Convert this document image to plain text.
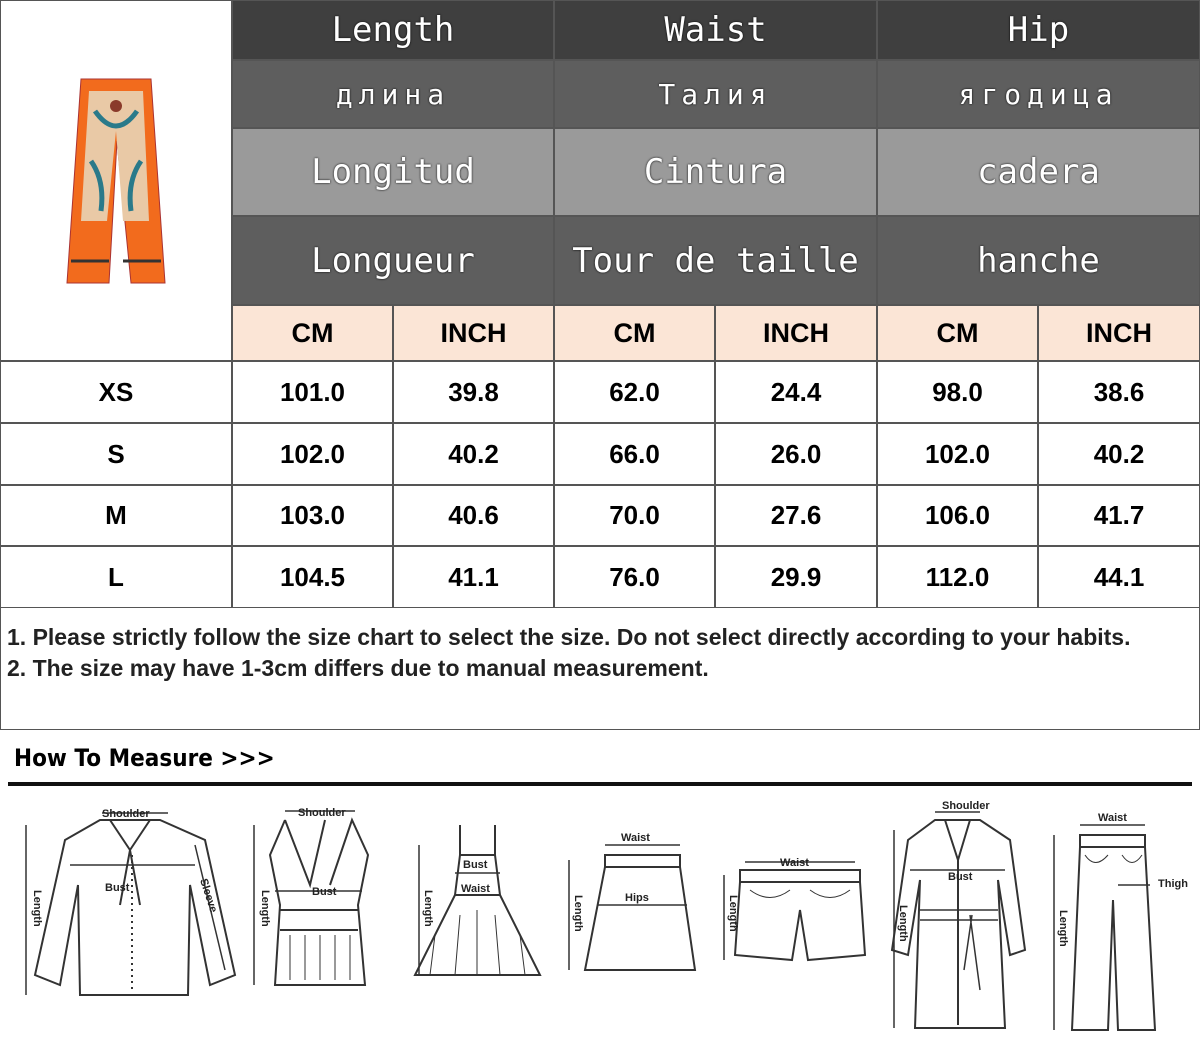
Length	Waist	Hip
длина	Талия	ягодица
Longitud	Cintura	cadera
Longueur	Tour de taille	hanche
CM	INCH	CM	INCH	CM	INCH
XS	101.0	39.8	62.0	24.4	98.0	38.6
S	102.0	40.2	66.0	26.0	102.0	40.2
M	103.0	40.6	70.0	27.6	106.0	41.7
L	104.5	41.1	76.0	29.9	112.0	44.1
1. Please strictly follow the size chart to select the size. Do not select directly according to your habits.
2. The size may have 1-3cm differs due to manual measurement.
How To Measure >>>
Shoulder
Bust	Sleeve
Length
Shoulder
Bust
Length
Bust
Waist
Length
Waist
Hips
Length
Waist
Length
Shoulder
Bust
Length
Waist
Thigh
Length
